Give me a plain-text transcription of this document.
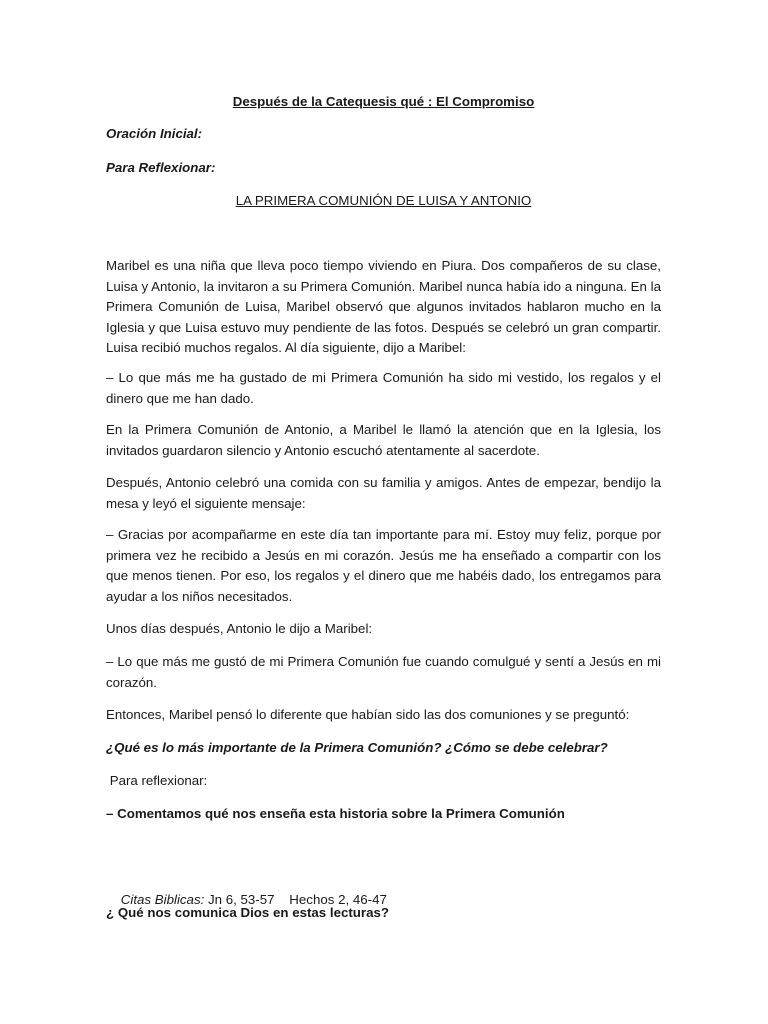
Después de la Catequesis qué : El Compromiso
Oración Inicial:
Para Reflexionar:
LA PRIMERA COMUNIÓN DE LUISA Y ANTONIO

Maribel es una niña que lleva poco tiempo viviendo en Piura. Dos compañeros de su clase, Luisa y Antonio, la invitaron a su Primera Comunión. Maribel nunca había ido a ninguna. En la Primera Comunión de Luisa, Maribel observó que algunos invitados hablaron mucho en la Iglesia y que Luisa estuvo muy pendiente de las fotos. Después se celebró un gran compartir. Luisa recibió muchos regalos. Al día siguiente, dijo a Maribel:

– Lo que más me ha gustado de mi Primera Comunión ha sido mi vestido, los regalos y el dinero que me han dado.

En la Primera Comunión de Antonio, a Maribel le llamó la atención que en la Iglesia, los invitados guardaron silencio y Antonio escuchó atentamente al sacerdote.

Después, Antonio celebró una comida con su familia y amigos. Antes de empezar, bendijo la mesa y leyó el siguiente mensaje:

– Gracias por acompañarme en este día tan importante para mí. Estoy muy feliz, porque por primera vez he recibido a Jesús en mi corazón. Jesús me ha enseñado a compartir con los que menos tienen. Por eso, los regalos y el dinero que me habéis dado, los entregamos para ayudar a los niños necesitados.

Unos días después, Antonio le dijo a Maribel:

– Lo que más me gustó de mi Primera Comunión fue cuando comulgué y sentí a Jesús en mi corazón.

Entonces, Maribel pensó lo diferente que habían sido las dos comuniones y se preguntó:

¿Qué es lo más importante de la Primera Comunión? ¿Cómo se debe celebrar?
Para reflexionar:
– Comentamos qué nos enseña esta historia sobre la Primera Comunión

Citas Biblicas: Jn 6, 53-57    Hechos 2, 46-47

¿ Qué nos comunica Dios en estas lecturas?
